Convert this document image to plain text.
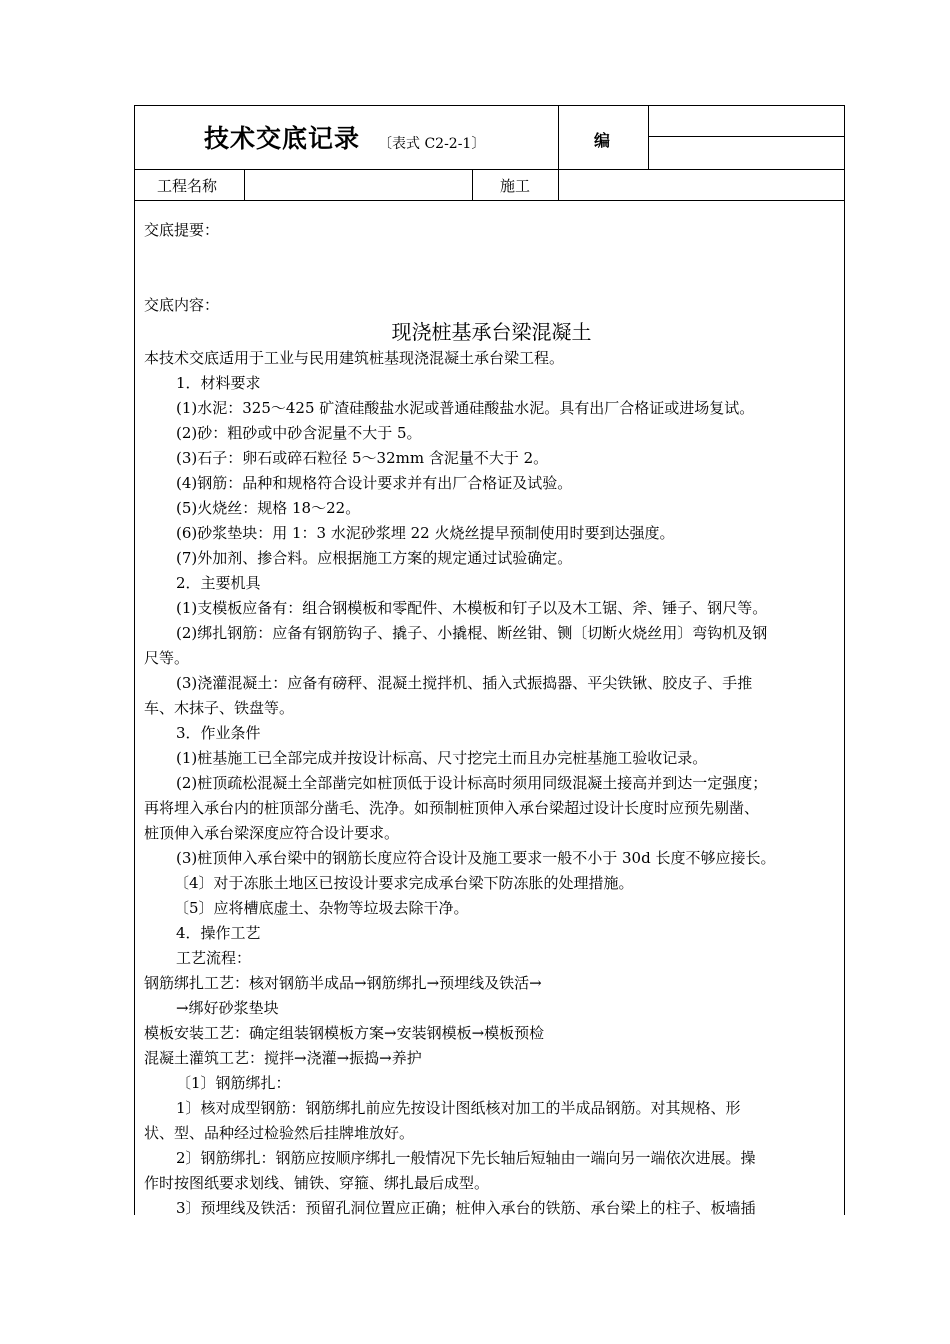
技术交底记录 〔表式 C2-2-1〕	编
工程名称	施工

交底提要：

交底内容：

现浇桩基承台梁混凝土

本技术交底适用于工业与民用建筑桩基现浇混凝土承台梁工程。

1．材料要求

(1)水泥：325～425 矿渣硅酸盐水泥或普通硅酸盐水泥。具有出厂合格证或进场复试。

(2)砂：粗砂或中砂含泥量不大于 5。

(3)石子：卵石或碎石粒径 5～32mm 含泥量不大于 2。

(4)钢筋：品种和规格符合设计要求并有出厂合格证及试验。

(5)火烧丝：规格 18～22。

(6)砂浆垫块：用 1：3 水泥砂浆埋 22 火烧丝提早预制使用时要到达强度。

(7)外加剂、掺合料。应根据施工方案的规定通过试验确定。

2．主要机具

(1)支模板应备有：组合钢模板和零配件、木模板和钉子以及木工锯、斧、锤子、钢尺等。

(2)绑扎钢筋：应备有钢筋钩子、撬子、小撬棍、断丝钳、铡〔切断火烧丝用〕弯钩机及钢

尺等。

(3)浇灌混凝土：应备有磅秤、混凝土搅拌机、插入式振捣器、平尖铁锹、胶皮子、手推

车、木抹子、铁盘等。

3．作业条件

(1)桩基施工已全部完成并按设计标高、尺寸挖完土而且办完桩基施工验收记录。

(2)桩顶疏松混凝土全部凿完如桩顶低于设计标高时须用同级混凝土接高并到达一定强度；

再将埋入承台内的桩顶部分凿毛、洗净。如预制桩顶伸入承台梁超过设计长度时应预先剔凿、

桩顶伸入承台梁深度应符合设计要求。

(3)桩顶伸入承台梁中的钢筋长度应符合设计及施工要求一般不小于 30d 长度不够应接长。

〔4〕对于冻胀土地区已按设计要求完成承台梁下防冻胀的处理措施。

〔5〕应将槽底虚土、杂物等垃圾去除干净。

4．操作工艺

工艺流程：

钢筋绑扎工艺：核对钢筋半成品→钢筋绑扎→预埋线及铁活→

→绑好砂浆垫块

模板安装工艺：确定组装钢模板方案→安装钢模板→模板预检

混凝土灌筑工艺：搅拌→浇灌→振捣→养护

〔1〕钢筋绑扎：

1〕核对成型钢筋：钢筋绑扎前应先按设计图纸核对加工的半成品钢筋。对其规格、形

状、型、品种经过检验然后挂牌堆放好。

2〕钢筋绑扎：钢筋应按顺序绑扎一般情况下先长轴后短轴由一端向另一端依次进展。操

作时按图纸要求划线、铺铁、穿箍、绑扎最后成型。

3〕预埋线及铁活：预留孔洞位置应正确；桩伸入承台的铁筋、承台梁上的柱子、板墙插
